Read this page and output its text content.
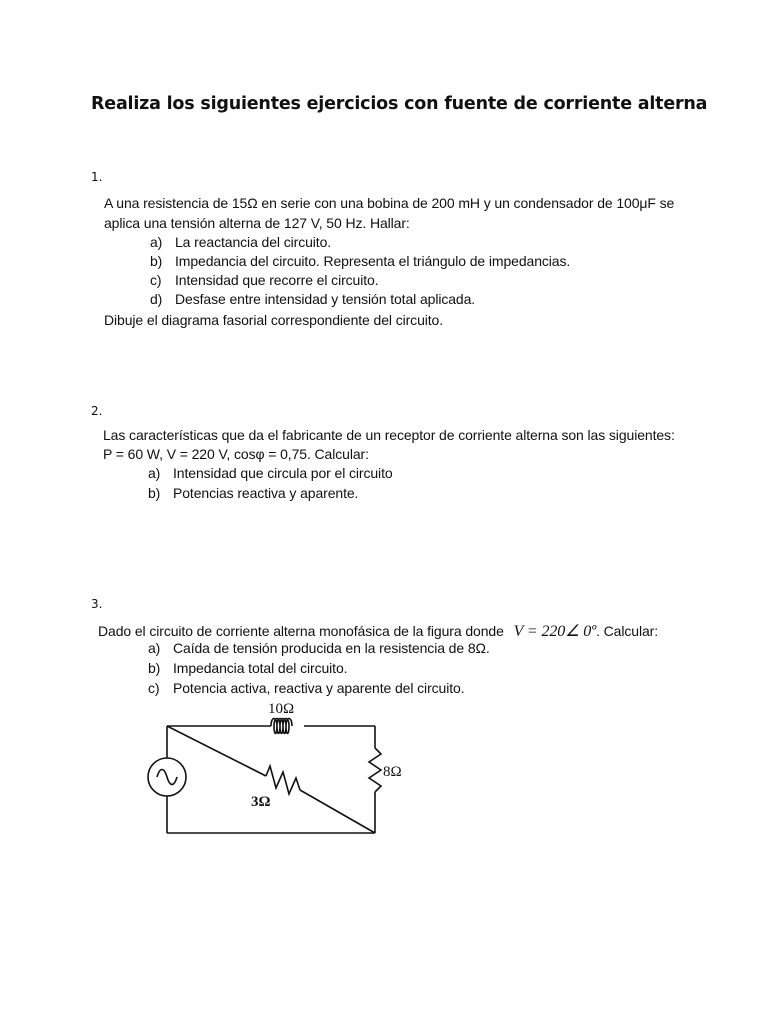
Realiza los siguientes ejercicios con fuente de corriente alterna
1.
A una resistencia de 15Ω en serie con una bobina de 200 mH y un condensador de 100μF se
aplica una tensión alterna de 127 V, 50 Hz. Hallar:
a) La reactancia del circuito.
b) Impedancia del circuito. Representa el triángulo de impedancias.
c) Intensidad que recorre el circuito.
d) Desfase entre intensidad y tensión total aplicada.
Dibuje el diagrama fasorial correspondiente del circuito.
2.
Las características que da el fabricante de un receptor de corriente alterna son las siguientes:
P = 60 W, V = 220 V, cosφ = 0,75. Calcular:
a) Intensidad que circula por el circuito
b) Potencias reactiva y aparente.
3.
Dado el circuito de corriente alterna monofásica de la figura donde V = 220∠ 0º. Calcular:
a) Caída de tensión producida en la resistencia de 8Ω.
b) Impedancia total del circuito.
c) Potencia activa, reactiva y aparente del circuito.
10Ω
8Ω
3Ω
